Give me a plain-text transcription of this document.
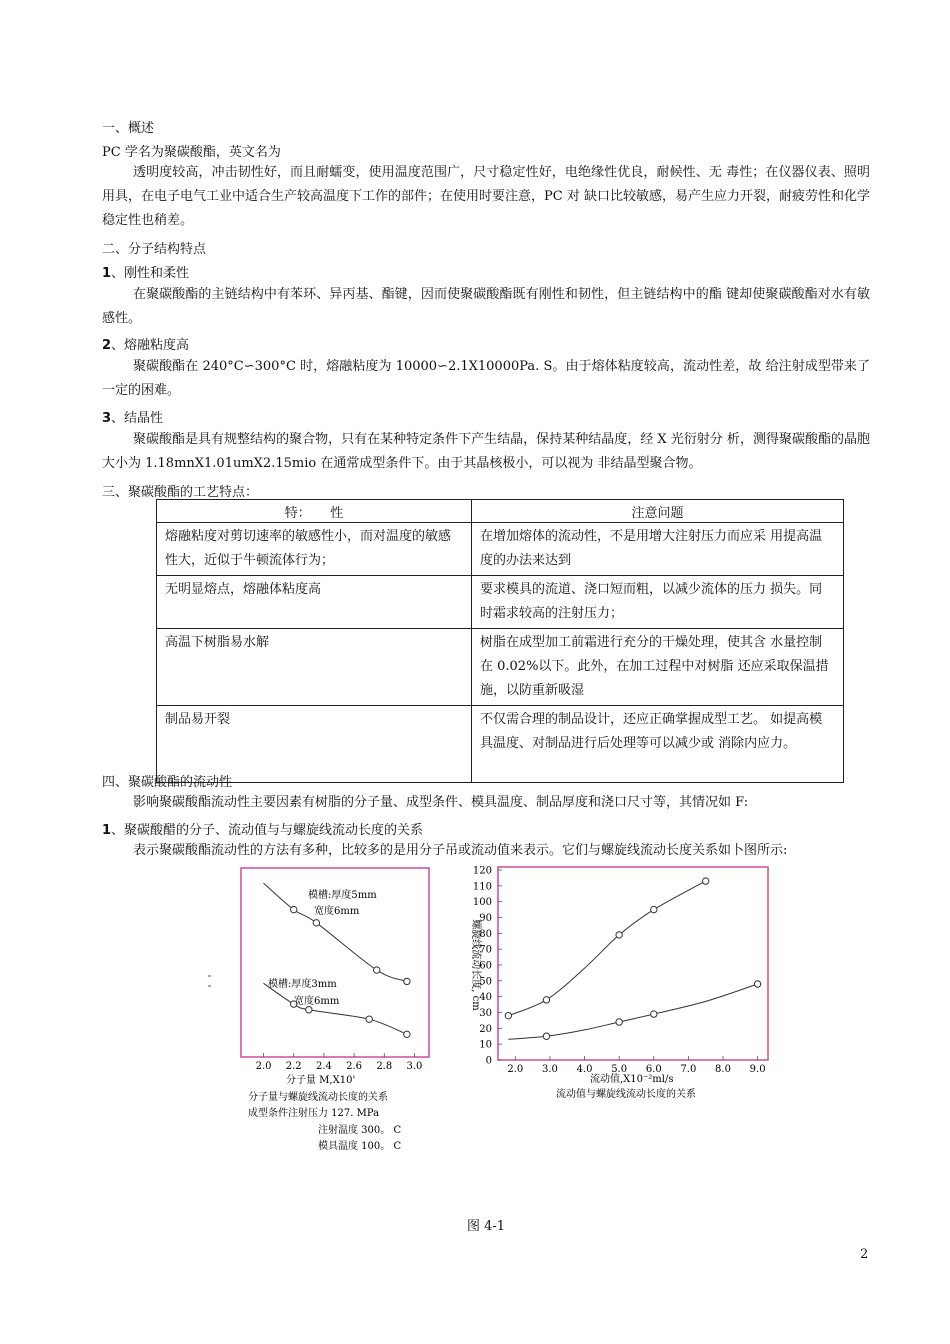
一、概述
PC 学名为聚碳酸酯，英文名为
透明度较高，冲击韧性好，而且耐蠕变，使用温度范围广，尺寸稳定性好，电绝缘性优良，耐候性、无 毒性；在仪器仪表、照明用具，在电子电气工业中适合生产较高温度下工作的部件；在使用时要注意，PC 对 缺口比较敏感，易产生应力开裂，耐疲劳性和化学稳定性也稍差。
二、分子结构特点
1、刚性和柔性
在聚碳酸酯的主链结构中有苯环、异丙基、酯键，因而使聚碳酸酯既有刚性和韧性，但主链结构中的酯 键却使聚碳酸酯对水有敏感性。
2、熔融粘度高
聚碳酸酯在 240°C∽300°C 时，熔融粘度为 10000∽2.1X10000Pa. S。由于熔体粘度较高，流动性差，故 给注射成型带来了一定的困难。
3、结晶性
聚碳酸酯是具有规整结构的聚合物，只有在某种特定条件下产生结晶，保持某种结晶度，经 X 光衍射分 析，测得聚碳酸酯的晶胞大小为 1.18mnX1.01umX2.15mio 在通常成型条件下。由于其晶核极小，可以视为 非结晶型聚合物。
三、聚碳酸酯的工艺特点：
特：　　性	注意问题
熔融粘度对剪切速率的敏感性小，而对温度的敏感 性大，近似于牛顿流体行为；	在增加熔体的流动性，不是用增大注射压力而应采 用提高温度的办法来达到
无明显熔点，熔融体粘度高	要求模具的流道、浇口短而粗，以减少流体的压力 损失。同时霜求较高的注射压力；
高温下树脂易水解	树脂在成型加工前霜进行充分的干燥处理，使其含 水量控制在 0.02%以下。此外，在加工过程中对树脂 还应采取保温措施，以防重新吸湿
制品易开裂	不仅需合理的制品设计，还应正确掌握成型工艺。 如提高模具温度、对制品进行后处理等可以减少或 消除内应力。
四、聚碳酸酯的流动性
影响聚碳酸酯流动性主要因素有树脂的分子量、成型条件、模具温度、制品厚度和浇口尺寸等，其情况如 F:
1、聚碳酸醋的分子、流动值与与螺旋线流动长度的关系
表示聚碳酸酯流动性的方法有多种，比较多的是用分子吊或流动值来表示。它们与螺旋线流动长度关系如卜图所示:
2.0 2.2 2.4 2.6 2.8 3.0
模槽:厚度5mm
宽度6mm
模槽:厚度3mm
宽度6mm
分子量 M,X10'
分子量与螺旋线流动长度的关系
成型条件注射压力 127. MPa
注射温度 300。 C
模具温度 100。 C
0
10
20
30
40
50
60
70
80
90
100
110
120
2.0 3.0 4.0 5.0 6.0 7.0 8.0 9.0
螺旋线流动长度, cm
流动值,X10⁻²ml/s
流动值与螺旋线流动长度的关系
图 4-1
2
